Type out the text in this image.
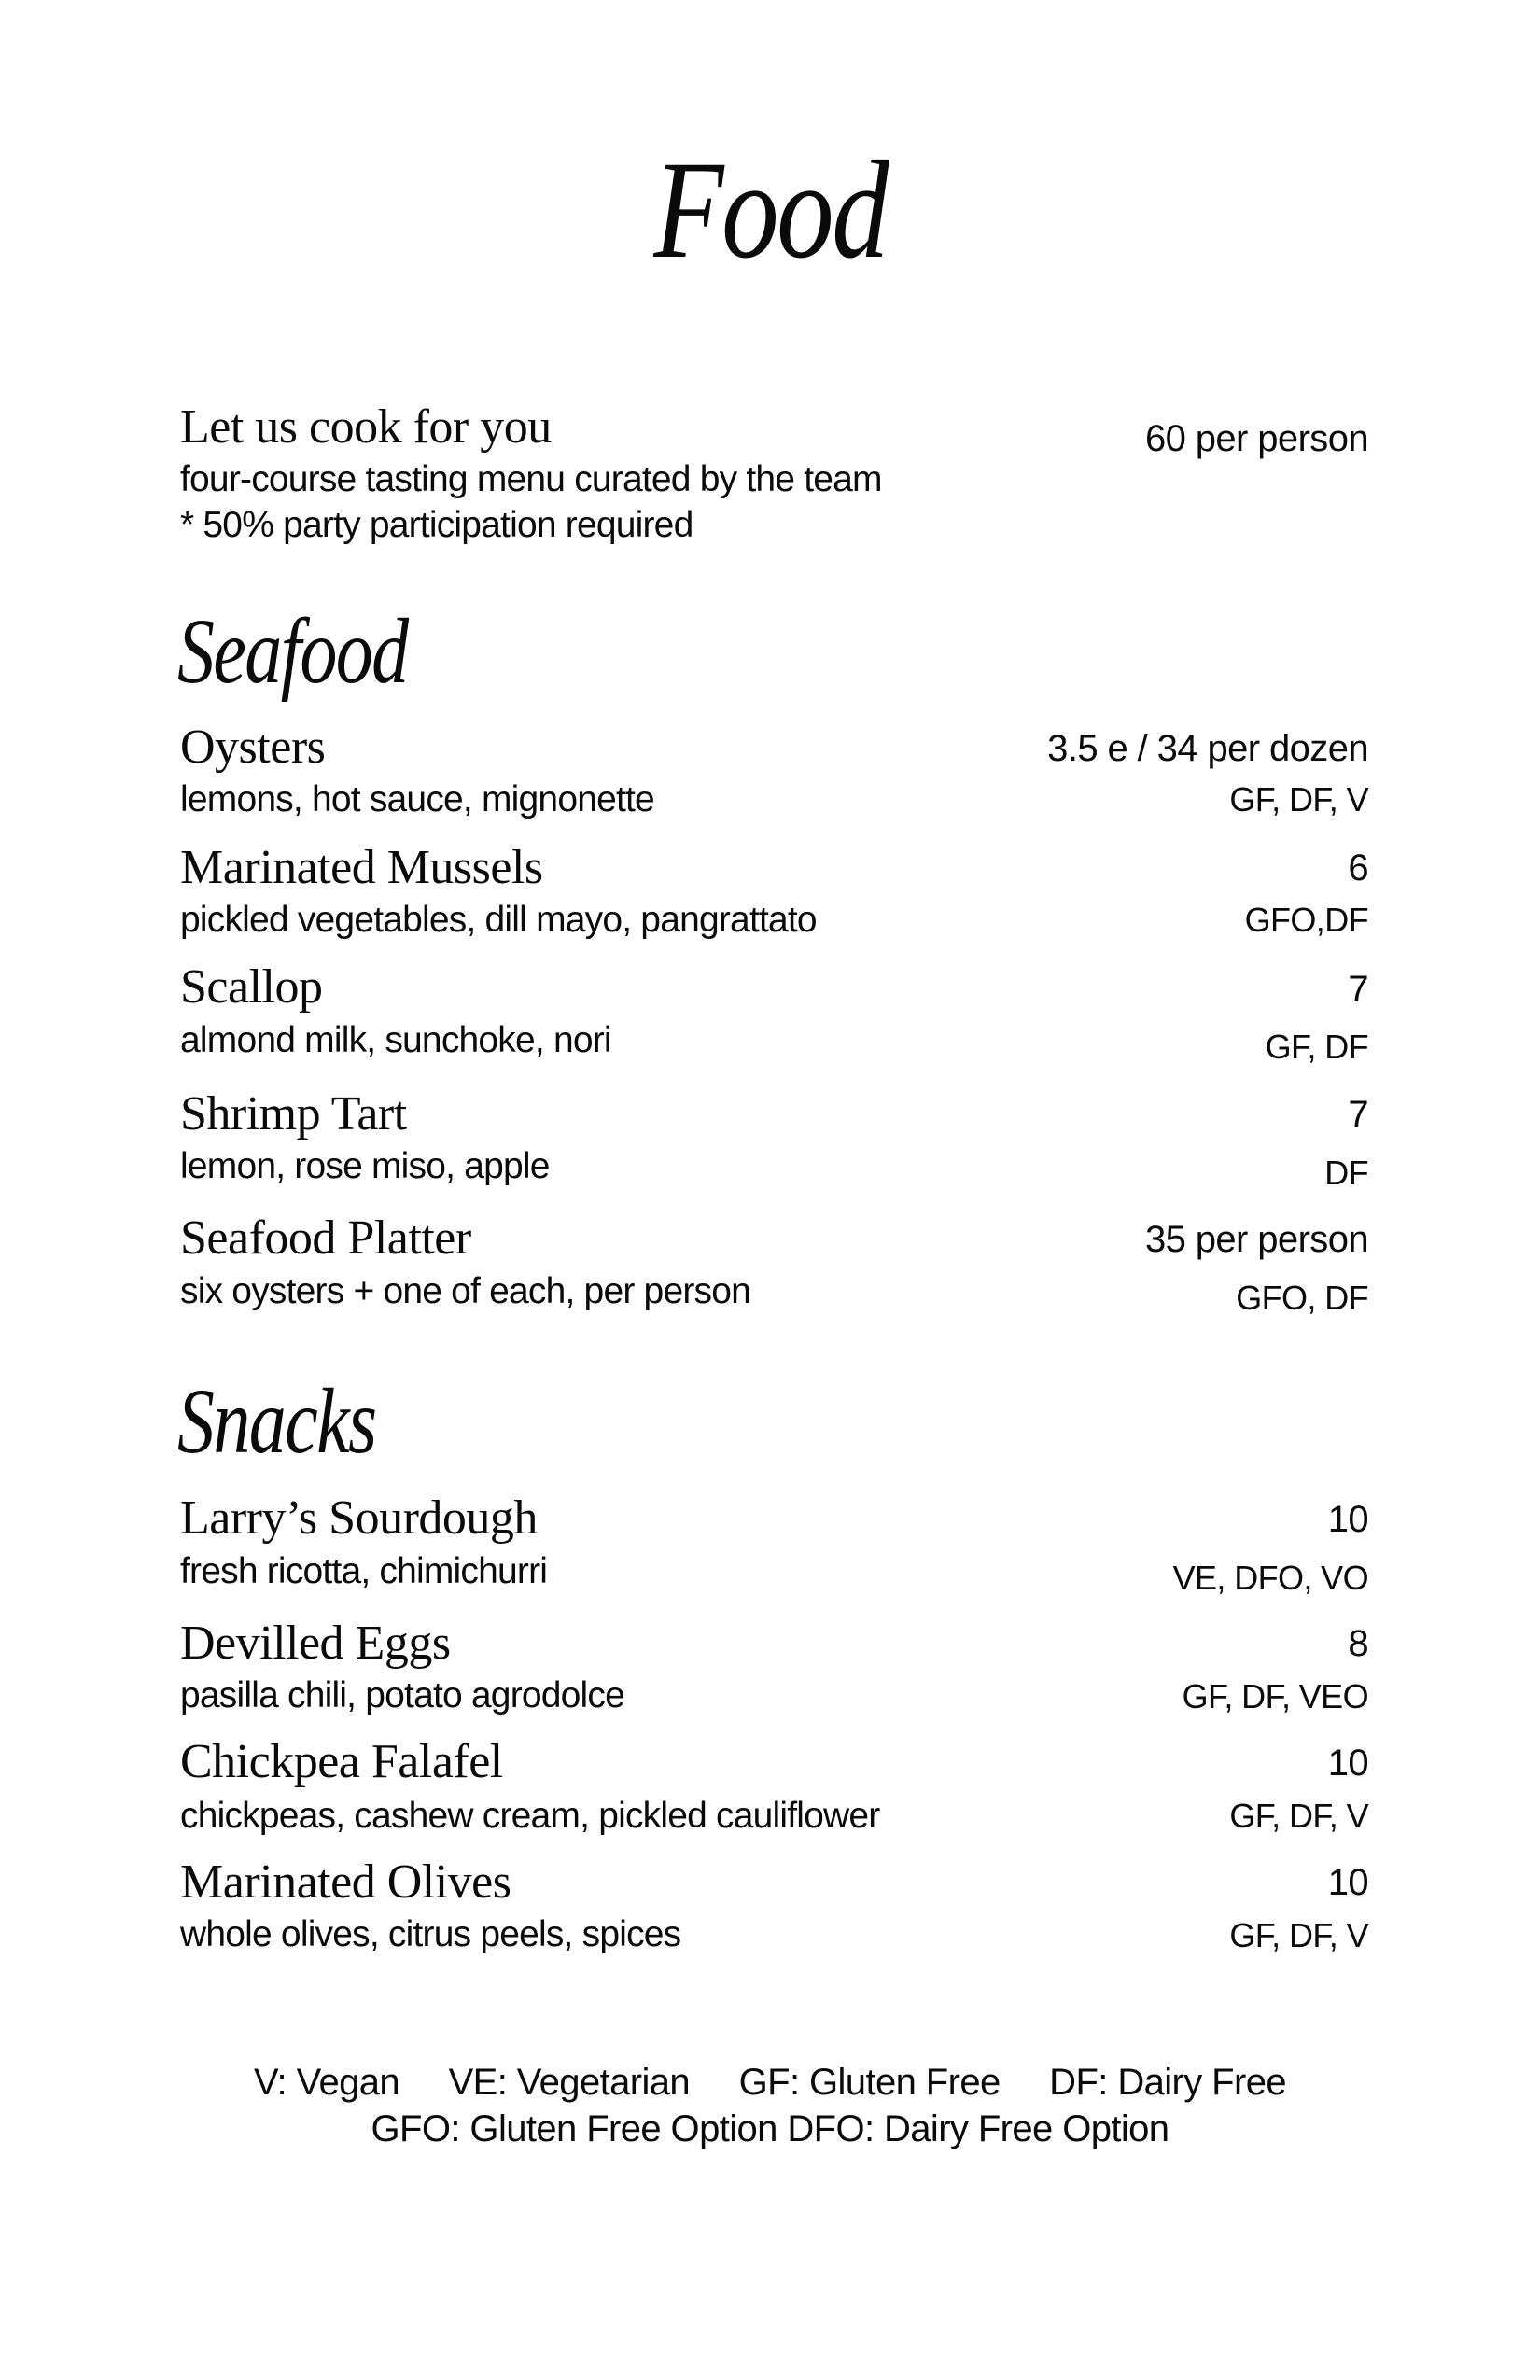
Food
Let us cook for you
four-course tasting menu curated by the team
* 50% party participation required
60 per person
Seafood
Oysters
lemons, hot sauce, mignonette
3.5 e / 34 per dozen
GF, DF, V
Marinated Mussels
pickled vegetables, dill mayo, pangrattato
6
GFO,DF
Scallop
almond milk, sunchoke, nori
7
GF, DF
Shrimp Tart
lemon, rose miso, apple
7
DF
Seafood Platter
six oysters + one of each, per person
35 per person
GFO, DF
Snacks
Larry’s Sourdough
fresh ricotta, chimichurri
10
VE, DFO, VO
Devilled Eggs
pasilla chili, potato agrodolce
8
GF, DF, VEO
Chickpea Falafel
chickpeas, cashew cream, pickled cauliflower
10
GF, DF, V
Marinated Olives
whole olives, citrus peels, spices
10
GF, DF, V
V: Vegan     VE: Vegetarian     GF: Gluten Free     DF: Dairy Free
GFO: Gluten Free Option DFO: Dairy Free Option
